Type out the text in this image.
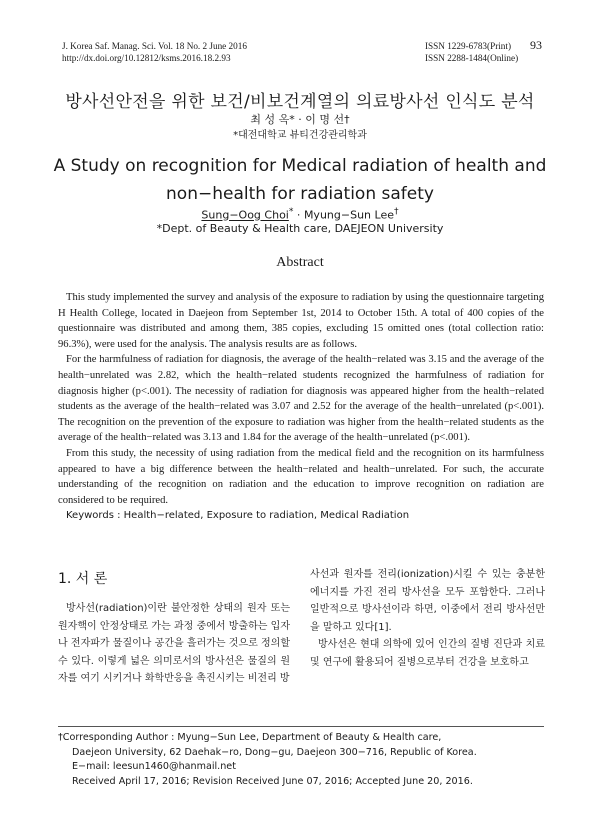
J. Korea Saf. Manag. Sci. Vol. 18 No. 2 June 2016
http://dx.doi.org/10.12812/ksms.2016.18.2.93
ISSN 1229-6783(Print)
ISSN 2288-1484(Online)
93
방사선안전을 위한 보건/비보건계열의 의료방사선 인식도 분석
최 성 옥* · 이 명 선†
*대전대학교 뷰티건강관리학과
A Study on recognition for Medical radiation of health and
non−health for radiation safety
Sung−Oog Choi* · Myung−Sun Lee†
*Dept. of Beauty & Health care, DAEJEON University
Abstract

This study implemented the survey and analysis of the exposure to radiation by using the questionnaire targeting H Health College, located in Daejeon from September 1st, 2014 to October 15th. A total of 400 copies of the questionnaire was distributed and among them, 385 copies, excluding 15 omitted ones (total collection ratio: 96.3%), were used for the analysis. The analysis results are as follows.

For the harmfulness of radiation for diagnosis, the average of the health−related was 3.15 and the average of the health−unrelated was 2.82, which the health−related students recognized the harmfulness of radiation for diagnosis higher (p<.001). The necessity of radiation for diagnosis was appeared higher from the health−related students as the average of the health−related was 3.07 and 2.52 for the average of the health−unrelated (p<.001). The recognition on the prevention of the exposure to radiation was higher from the health−related students as the average of the health−related was 3.13 and 1.84 for the average of the health−unrelated (p<.001).

From this study, the necessity of using radiation from the medical field and the recognition on its harmfulness appeared to have a big difference between the health−related and health−unrelated. For such, the accurate understanding of the recognition on radiation and the education to improve recognition on radiation are considered to be required.

Keywords : Health−related, Exposure to radiation, Medical Radiation

1. 서 론

방사선(radiation)이란 불안정한 상태의 원자 또는 원자핵이 안정상태로 가는 과정 중에서 방출하는 입자나 전자파가 물질이나 공간을 흘러가는 것으로 정의할 수 있다. 이렇게 넓은 의미로서의 방사선은 물질의 원자를 여기 시키거나 화학반응을 촉진시키는 비전리 방

사선과 원자를 전리(ionization)시킬 수 있는 충분한 에너지를 가진 전리 방사선을 모두 포함한다. 그러나 일반적으로 방사선이라 하면, 이중에서 전리 방사선만을 말하고 있다[1].

방사선은 현대 의학에 있어 인간의 질병 진단과 치료 및 연구에 활용되어 질병으로부터 건강을 보호하고

†Corresponding Author : Myung−Sun Lee, Department of Beauty & Health care,
Daejeon University, 62 Daehak−ro, Dong−gu, Daejeon 300−716, Republic of Korea.
E−mail: leesun1460@hanmail.net
Received April 17, 2016; Revision Received June 07, 2016; Accepted June 20, 2016.
